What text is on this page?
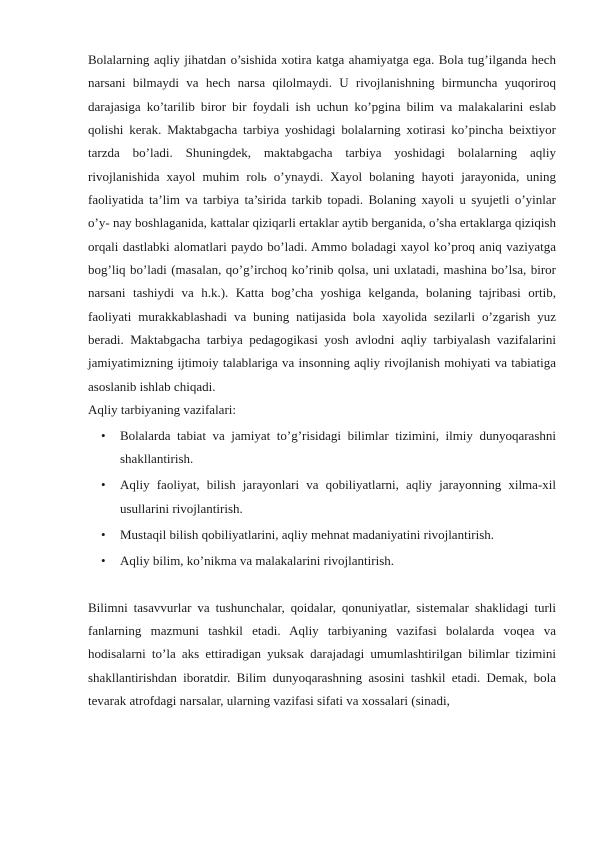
Bolalarning aqliy jihatdan o’sishida xotira katga ahamiyatga ega. Bola tug’ilganda hech narsani bilmaydi va hech narsa qilolmaydi. U rivojlanishning birmuncha yuqoriroq darajasiga ko’tarilib biror bir foydali ish uchun ko’pgina bilim va malakalarini eslab qolishi kerak. Maktabgacha tarbiya yoshidagi bolalarning xotirasi ko’pincha beixtiyor tarzda bo’ladi. Shuningdek, maktabgacha tarbiya yoshidagi bolalarning aqliy rivojlanishida xayol muhim rolь o’ynaydi. Xayol bolaning hayoti jarayonida, uning faoliyatida ta’lim va tarbiya ta’sirida tarkib topadi. Bolaning xayoli u syujetli o’yinlar o’y- nay boshlaganida, kattalar qiziqarli ertaklar aytib berganida, o’sha ertaklarga qiziqish orqali dastlabki alomatlari paydo bo’ladi. Ammo boladagi xayol ko’proq aniq vaziyatga bog’liq bo’ladi (masalan, qo’g’irchoq ko’rinib qolsa, uni uxlatadi, mashina bo’lsa, biror narsani tashiydi va h.k.). Katta bog’cha yoshiga kelganda, bolaning tajribasi ortib, faoliyati murakkablashadi va buning natijasida bola xayolida sezilarli o’zgarish yuz beradi. Maktabgacha tarbiya pedagogikasi yosh avlodni aqliy tarbiyalash vazifalarini jamiyatimizning ijtimoiy talablariga va insonning aqliy rivojlanish mohiyati va tabiatiga asoslanib ishlab chiqadi.

Aqliy tarbiyaning vazifalari:

• Bolalarda tabiat va jamiyat to’g’risidagi bilimlar tizimini, ilmiy dunyoqarashni shakllantirish.
• Aqliy faoliyat, bilish jarayonlari va qobiliyatlarni, aqliy jarayonning xilma-xil usullarini rivojlantirish.
• Mustaqil bilish qobiliyatlarini, aqliy mehnat madaniyatini rivojlantirish.
• Aqliy bilim, ko’nikma va malakalarini rivojlantirish.

Bilimni tasavvurlar va tushunchalar, qoidalar, qonuniyatlar, sistemalar shaklidagi turli fanlarning mazmuni tashkil etadi. Aqliy tarbiyaning vazifasi bolalarda voqea va hodisalarni to’la aks ettiradigan yuksak darajadagi umumlashtirilgan bilimlar tizimini shakllantirishdan iboratdir. Bilim dunyoqarashning asosini tashkil etadi. Demak, bola tevarak atrofdagi narsalar, ularning vazifasi sifati va xossalari (sinadi,
